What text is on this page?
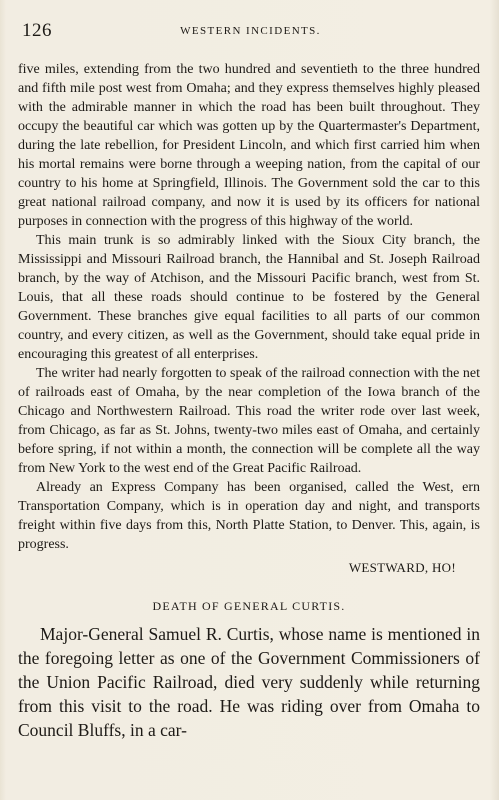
126	WESTERN INCIDENTS.

five miles, extending from the two hundred and seventieth to the three hundred and fifth mile post west from Omaha; and they express themselves highly pleased with the admirable manner in which the road has been built throughout. They occupy the beautiful car which was gotten up by the Quartermaster's Department, during the late rebellion, for President Lincoln, and which first carried him when his mortal remains were borne through a weeping nation, from the capital of our country to his home at Springfield, Illinois. The Government sold the car to this great national railroad company, and now it is used by its officers for national purposes in connection with the progress of this highway of the world.

This main trunk is so admirably linked with the Sioux City branch, the Mississippi and Missouri Railroad branch, the Hannibal and St. Joseph Railroad branch, by the way of Atchison, and the Missouri Pacific branch, west from St. Louis, that all these roads should continue to be fostered by the General Government. These branches give equal facilities to all parts of our common country, and every citizen, as well as the Government, should take equal pride in encouraging this greatest of all enterprises.

The writer had nearly forgotten to speak of the railroad connection with the net of railroads east of Omaha, by the near completion of the Iowa branch of the Chicago and Northwestern Railroad. This road the writer rode over last week, from Chicago, as far as St. Johns, twenty-two miles east of Omaha, and certainly before spring, if not within a month, the connection will be complete all the way from New York to the west end of the Great Pacific Railroad.

Already an Express Company has been organised, called the West, ern Transportation Company, which is in operation day and night, and transports freight within five days from this, North Platte Station, to Denver. This, again, is progress.

WESTWARD, HO!
DEATH OF GENERAL CURTIS.

Major-General Samuel R. Curtis, whose name is mentioned in the foregoing letter as one of the Government Commissioners of the Union Pacific Railroad, died very suddenly while returning from this visit to the road. He was riding over from Omaha to Council Bluffs, in a car-
